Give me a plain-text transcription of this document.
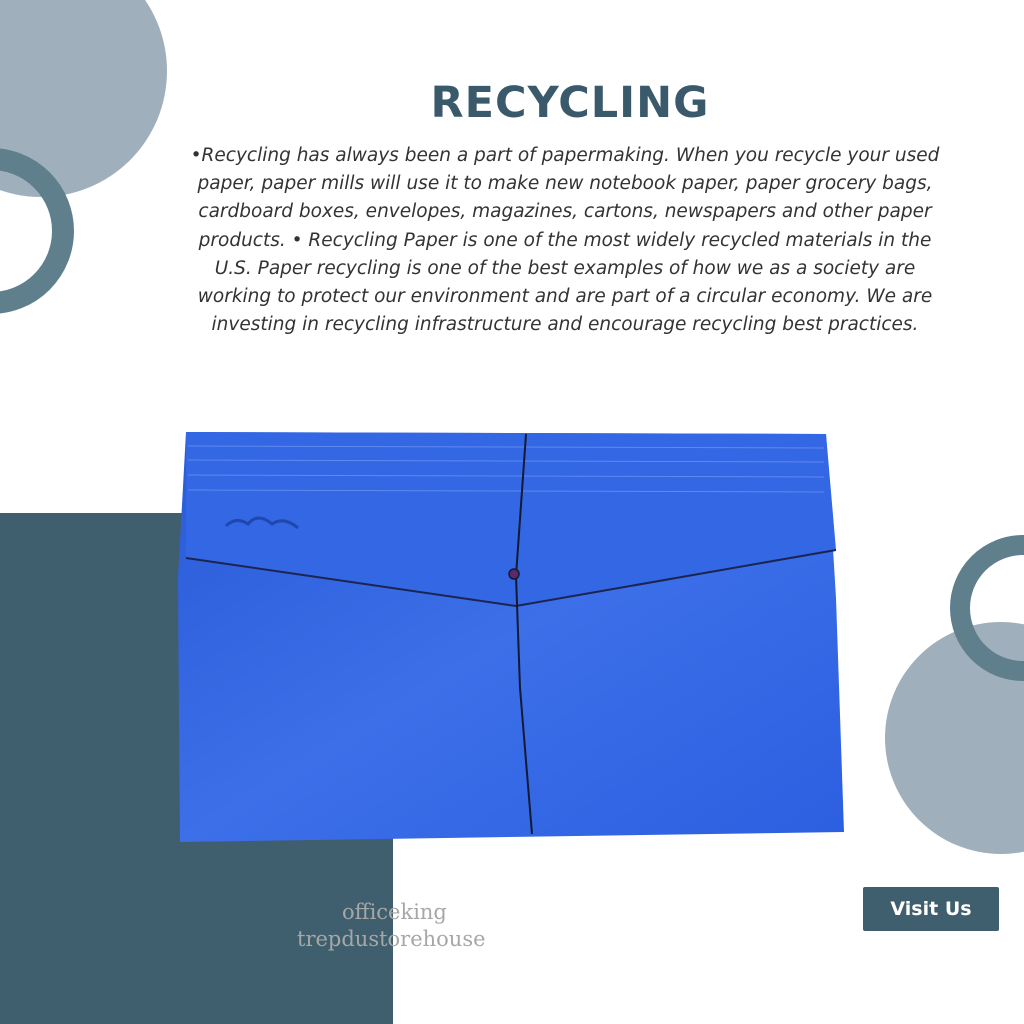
RECYCLING

•Recycling has always been a part of papermaking. When you recycle your used paper, paper mills will use it to make new notebook paper, paper grocery bags, cardboard boxes, envelopes, magazines, cartons, newspapers and other paper products. • Recycling Paper is one of the most widely recycled materials in the U.S. Paper recycling is one of the best examples of how we as a society are working to protect our environment and are part of a circular economy. We are investing in recycling infrastructure and encourage recycling best practices.

officeking
trepdustorehouse
Visit Us
